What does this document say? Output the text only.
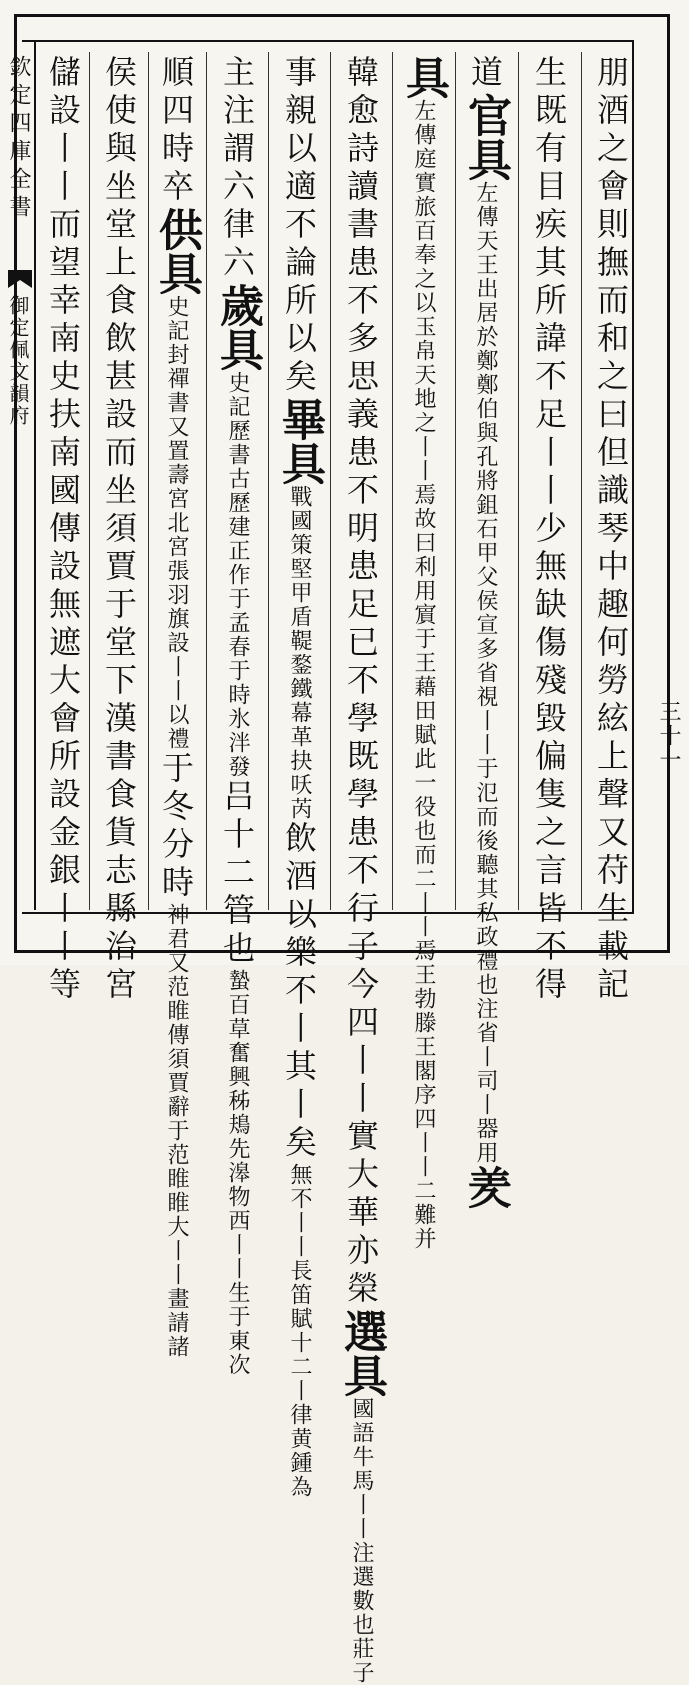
欽定四庫全書
御定佩文韻府	朋酒之會則撫而和之曰但識琴中趣何勞絃上聲又苻生載記
生既有目疾其所諱不足丨丨少無缺傷殘毀偏隻之言皆不得
道官具左傳天王出居於鄭鄭伯與孔將鉏石甲父侯宣多省視丨丨于氾而後聽其私政禮也注省丨司丨器用羑
具左傳庭實旅百奉之以玉帛天地之丨丨焉故曰利用賔于王藉田賦此一役也而二丨丨焉王勃滕王閣序四丨丨二難并
韓愈詩讀書患不多思義患不明患足已不學既學患不行子今四丨丨實大華亦榮選具國語牛馬丨丨注選數也莊子
事親以適不論所以矣畢具戰國策堅甲盾鞮鍪鐵幕革抉㕭芮飲酒以樂不丨其丨矣無不丨丨長笛賦十二丨律黄鍾為
主注謂六律六歲具史記歷書古歷建正作于孟春于時氷泮發吕十二管也蟄百草奮興秭鳺先滜物西丨丨生于東次
順四時卒供具史記封禪書又置壽宮北宮張羽旗設丨丨以禮于冬分時神君又范睢傳須賈辭于范睢睢大丨丨畫請諸
侯使與坐堂上食飲甚設而坐須賈于堂下漢書食貨志縣治宮
儲設丨丨而望幸南史扶南國傳設無遮大會所設金銀丨丨等	三十一
